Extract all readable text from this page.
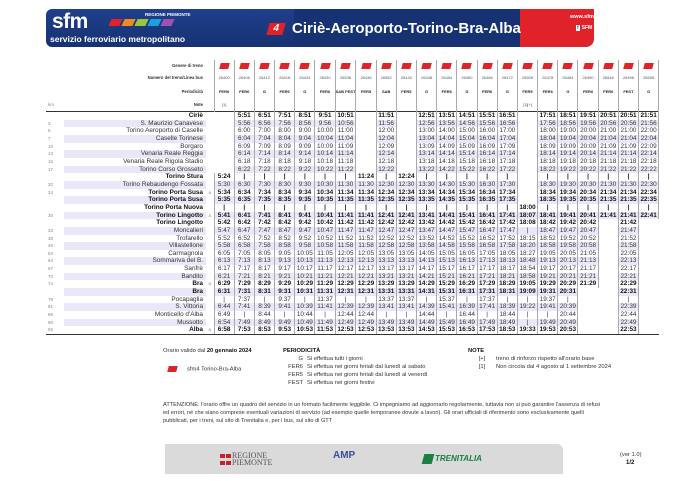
REGIONE PIEMONTE
sfm
servizio ferroviario metropolitano
4 Ciriè-Aeroporto-Torino-Bra-Alba
www.sfmtorino.it
f SFM Torino
	Genere di treno																							
	Numero del treno/Linea bus		26400	26406	26412	26418	26424	26430	26536	26436	26552	26442	26448	26454	26460	26466	26472	26505	26478	26484	26490	26546	26496	26508
	Periodicità		FER6	FER6	G	FER6	G	FER6	SAB FEST	FER5	SAB	FER5	G	FER6	G	FER6	G	FER5	FER6	G	FER6	FER6	FEST	G
km	Note		[1]															[1][+]						
	Ciriè			5:51	6:51	7:51	8:51	9:51	10:51		11:51		12:51	13:51	14:51	15:51	16:51		17:51	18:51	19:51	20:51	20:51	21:51
3	S. Maurizio Canavese			5:56	6:56	7:56	8:56	9:56	10:56		11:56		12:56	13:56	14:56	15:56	16:56		17:56	18:56	19:56	20:56	20:56	21:56
6	Torino Aeroporto di Caselle			6:00	7:00	8:00	9:00	10:00	11:00		12:00		13:00	14:00	15:00	16:00	17:00		18:00	19:00	20:00	21:00	21:00	22:00
7	Caselle Torinese			6:04	7:04	8:04	9:04	10:04	11:04		12:04		13:04	14:04	15:04	16:04	17:04		18:04	19:04	20:04	21:04	21:04	22:04
10	Borgaro			6:09	7:09	8:09	9:09	10:09	11:09		12:09		13:09	14:09	15:09	16:09	17:09		18:09	19:09	20:09	21:09	21:09	22:09
13	Venaria Reale Reggia			6:14	7:14	8:14	9:14	10:14	11:14		12:14		13:14	14:14	15:14	16:14	17:14		18:14	19:14	20:14	21:14	21:14	22:14
15	Venaria Reale Rigola Stadio			6:18	7:18	8:18	9:18	10:18	11:18		12:18		13:18	14:18	15:18	16:18	17:18		18:18	19:18	20:18	21:18	21:18	22:18
17	Torino Corso Grosseto			6:22	7:22	8:22	9:22	10:22	11:22		12:22		13:22	14:22	15:22	16:22	17:22		18:22	19:22	20:22	21:22	21:22	22:22
	Torino Stura		5:24	|	|	|	|	|	|	11:24	|	12:24	|	|	|	|	|		|	|	|	|	|	|
20	Torino Rebaudengo Fossata		5:30	6:30	7:30	8:30	9:30	10:30	11:30	11:30	12:30	12:30	13:30	14:30	15:30	16:30	17:30		18:30	19:30	20:30	21:30	21:30	22:30
24	Torino Porta Susa	a	5:34	6:34	7:34	8:34	9:34	10:34	11:34	11:34	12:34	12:34	13:34	14:34	15:34	16:34	17:34		18:34	19:34	20:34	21:34	21:34	22:34
	Torino Porta Susa		5:35	6:35	7:35	8:35	9:35	10:35	11:35	11:35	12:35	12:35	13:35	14:35	15:35	16:35	17:35		18:35	19:35	20:35	21:35	21:35	22:35
	Torino Porta Nuova		|	|	|	|	|	|	|	|	|	|	|	|	|	|	|	18:00	|	|	|	|	|	|
30	Torino Lingotto	a	5:41	6:41	7:41	8:41	9:41	10:41	11:41	11:41	12:41	12:41	13:41	14:41	15:41	16:41	17:41	18:07	18:41	19:41	20:41	21:41	21:41	22:41
	Torino Lingotto		5:42	6:42	7:42	8:42	9:42	10:42	11:42	11:42	12:42	12:42	13:42	14:42	15:42	16:42	17:42	18:08	18:42	19:42	20:42		21:42	
33	Moncalieri		5:47	6:47	7:47	8:47	9:47	10:47	11:47	11:47	12:47	12:47	13:47	14:47	15:47	16:47	17:47	|	18:47	19:47	20:47		21:47	
38	Trofarello		5:52	6:52	7:52	8:52	9:52	10:52	11:52	11:52	12:52	12:52	13:52	14:52	15:52	16:52	17:52	18:15	18:52	19:52	20:52		21:52	
46	Villastellone		5:58	6:58	7:58	8:58	9:58	10:58	11:58	11:58	12:58	12:58	13:58	14:58	15:58	16:58	17:58	18:20	18:58	19:58	20:58		21:58	
54	Carmagnola		6:05	7:05	8:05	9:05	10:05	11:05	12:05	12:05	13:05	13:05	14:05	15:05	16:05	17:05	18:05	18:27	19:05	20:05	21:05		22:05	
64	Sommariva del B.		6:13	7:13	8:13	9:13	10:13	11:13	12:13	12:13	13:13	13:13	14:13	15:13	16:13	17:13	18:13	18:48	19:13	20:13	21:13		22:13	
67	Sanfrè		6:17	7:17	8:17	9:17	10:17	11:17	12:17	12:17	13:17	13:17	14:17	15:17	16:17	17:17	18:17	18:54	19:17	20:17	21:17		22:17	
70	Bandito		6:21	7:21	8:21	9:21	10:21	11:21	12:21	12:21	13:21	13:21	14:21	15:21	16:21	17:21	18:21	18:58	19:21	20:21	21:21		22:21	
74	Bra	a	6:29	7:29	8:29	9:29	10:29	11:29	12:29	12:29	13:29	13:29	14:29	15:29	16:29	17:29	18:29	19:05	19:29	20:29	21:29		22:29	
	Bra		6:31	7:31	8:31	9:31	10:31	11:31	12:31	12:31	13:31	13:31	14:31	15:31	16:31	17:31	18:31	19:09	19:31	20:31			22:31	
79	Pocapaglia		|	7:37	|	9:37	|	11:37	|	|	13:37	13:37	|	15:37	|	17:37	|	|	19:37	|			|	
81	S. Vittoria		6:44	7:41	8:39	9:41	10:39	11:41	12:39	12:39	13:41	13:41	14:39	15:41	16:39	17:41	18:39	19:22	19:41	20:39			22:39	
86	Monticello d'Alba		6:49	|	8:44	|	10:44	|	12:44	12:44	|	|	14:44	|	16:44	|	18:44	|	|	20:44			22:44	
90	Mussotto		6:54	7:49	8:49	9:49	10:49	11:49	12:49	12:49	13:49	13:49	14:49	15:49	16:49	17:49	18:49	|	19:49	20:49			22:49	
92	Alba	a	6:58	7:53	8:53	9:53	10:53	11:53	12:53	12:53	13:53	13:53	14:53	15:53	16:53	17:53	18:53	19:33	19:53	20:53			22:53	
Orario valido dal 20 gennaio 2024
sfm4 Torino-Bra-Alba
PERIODICITÀ
G Si effettua tutti i giorni
FER6 Si effettua nei giorni feriali dal lunedì al sabato
FER5 Si effettua nei giorni feriali dal lunedì al venerdì
FEST Si effettua nei giorni festivi
NOTE
[+]	treno di rinforzo rispetto all'orario base
[1]	Non circola dal 4 agosto al 1 settembre 2024
ATTENZIONE: l'orario offre un quadro del servizio in un formato facilmente leggibile. Ci impegniamo ad aggiornarlo regolarmente, tuttavia non si può garantire l'assenza di refusi ed errori, né che siano comprese eventuali variazioni di servizio (ad esempio quelle temporanee dovute a lavori). Gli orari ufficiali di riferimento sono esclusivamente quelli pubblicati, per i treni, sul sito di Trenitalia e, per i bus, sul sito di GTT
REGIONE
PIEMONTE
AMP	TRENITALIA	(ver 1.0)
1/2
